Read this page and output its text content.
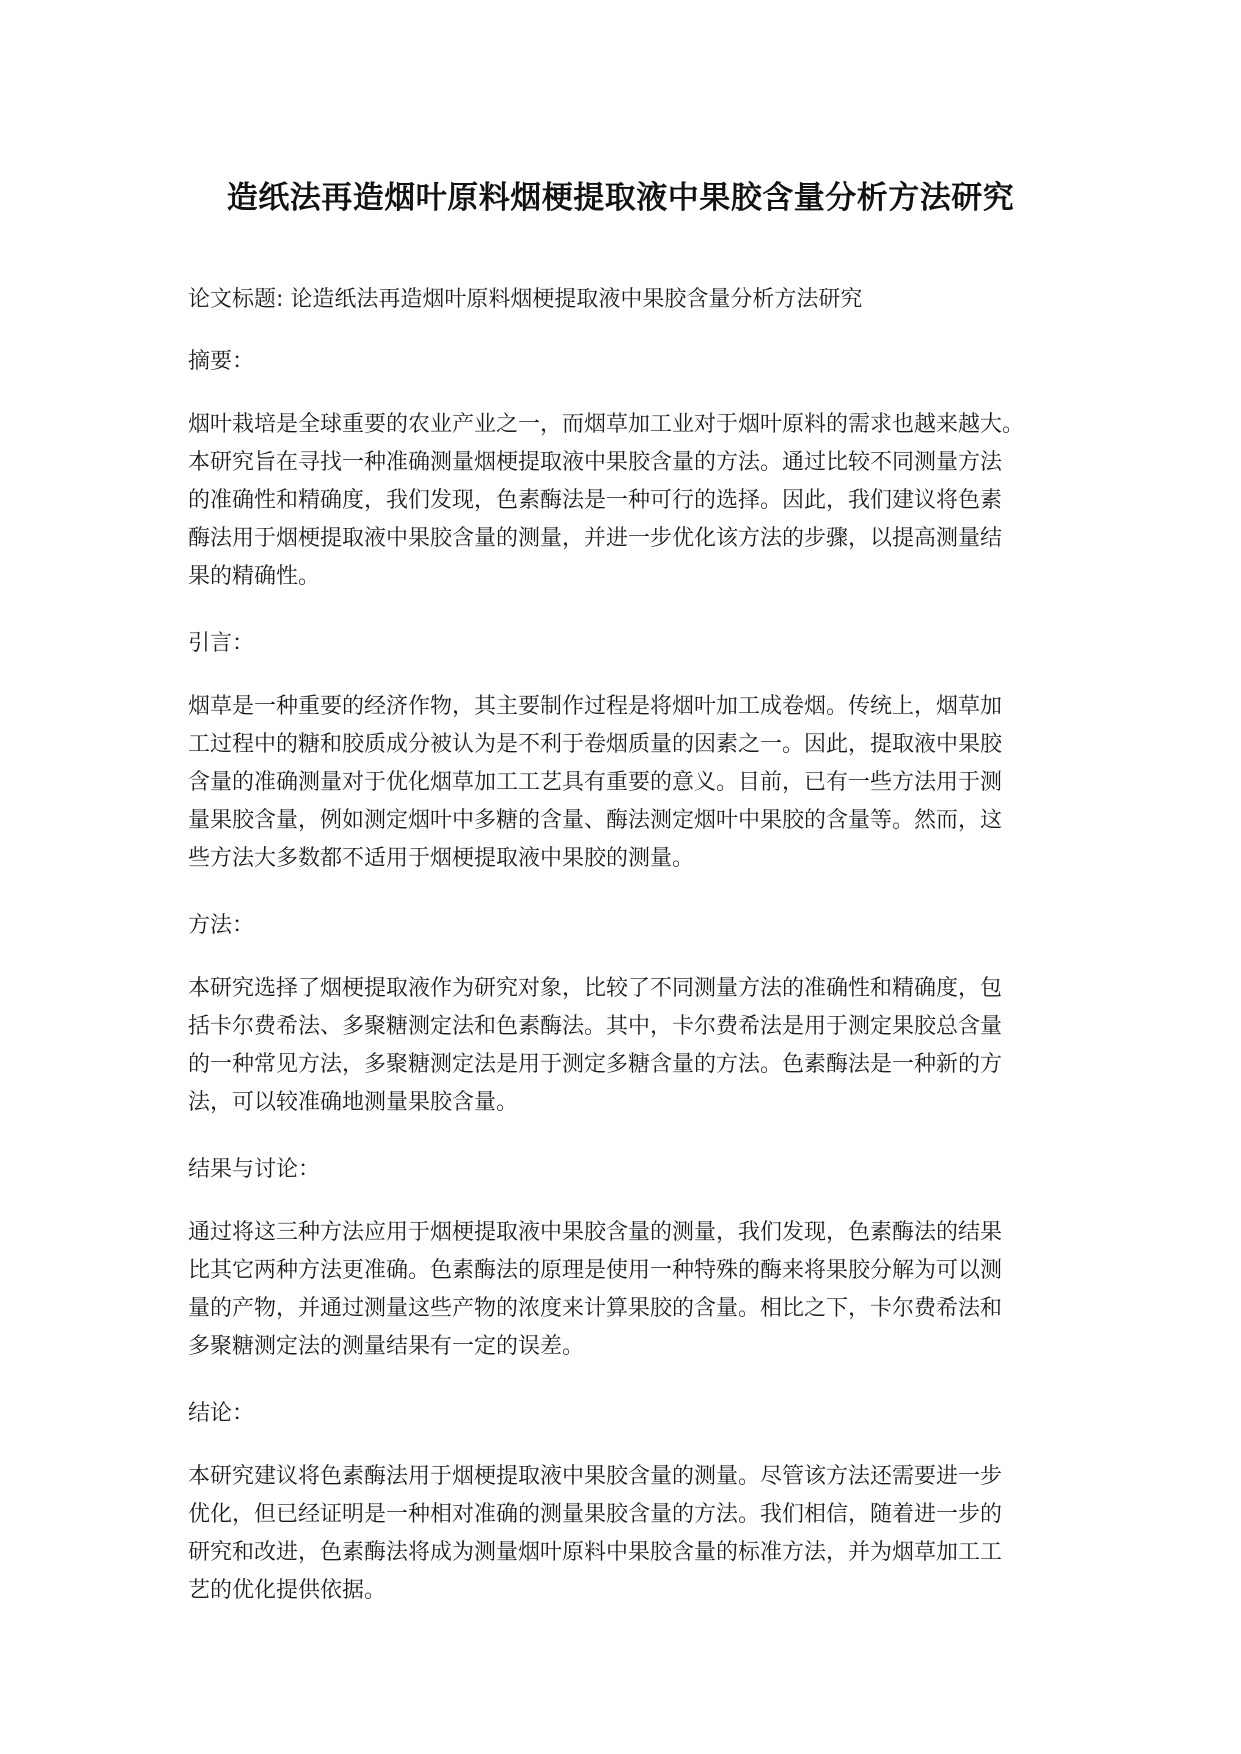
造纸法再造烟叶原料烟梗提取液中果胶含量分析方法研究

论文标题: 论造纸法再造烟叶原料烟梗提取液中果胶含量分析方法研究

摘要：

烟叶栽培是全球重要的农业产业之一，而烟草加工业对于烟叶原料的需求也越来越大。
本研究旨在寻找一种准确测量烟梗提取液中果胶含量的方法。通过比较不同测量方法
的准确性和精确度，我们发现，色素酶法是一种可行的选择。因此，我们建议将色素
酶法用于烟梗提取液中果胶含量的测量，并进一步优化该方法的步骤，以提高测量结
果的精确性。

引言：

烟草是一种重要的经济作物，其主要制作过程是将烟叶加工成卷烟。传统上，烟草加
工过程中的糖和胶质成分被认为是不利于卷烟质量的因素之一。因此，提取液中果胶
含量的准确测量对于优化烟草加工工艺具有重要的意义。目前，已有一些方法用于测
量果胶含量，例如测定烟叶中多糖的含量、酶法测定烟叶中果胶的含量等。然而，这
些方法大多数都不适用于烟梗提取液中果胶的测量。

方法：

本研究选择了烟梗提取液作为研究对象，比较了不同测量方法的准确性和精确度，包
括卡尔费希法、多聚糖测定法和色素酶法。其中，卡尔费希法是用于测定果胶总含量
的一种常见方法，多聚糖测定法是用于测定多糖含量的方法。色素酶法是一种新的方
法，可以较准确地测量果胶含量。

结果与讨论：

通过将这三种方法应用于烟梗提取液中果胶含量的测量，我们发现，色素酶法的结果
比其它两种方法更准确。色素酶法的原理是使用一种特殊的酶来将果胶分解为可以测
量的产物，并通过测量这些产物的浓度来计算果胶的含量。相比之下，卡尔费希法和
多聚糖测定法的测量结果有一定的误差。

结论：

本研究建议将色素酶法用于烟梗提取液中果胶含量的测量。尽管该方法还需要进一步
优化，但已经证明是一种相对准确的测量果胶含量的方法。我们相信，随着进一步的
研究和改进，色素酶法将成为测量烟叶原料中果胶含量的标准方法，并为烟草加工工
艺的优化提供依据。
